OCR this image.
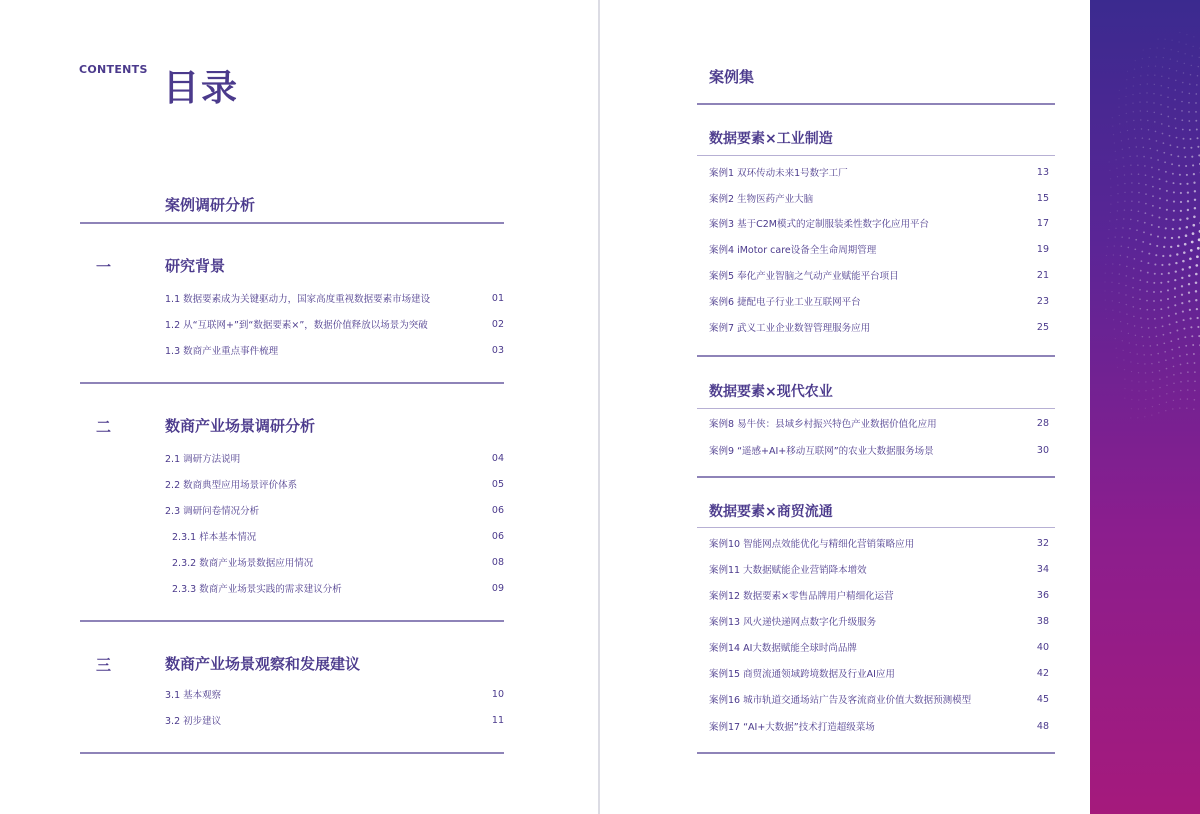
CONTENTS 目录
案例调研分析
一	研究背景
1.1 数据要素成为关键驱动力，国家高度重视数据要素市场建设	01
1.2 从“互联网+”到“数据要素×”，数据价值释放以场景为突破	02
1.3 数商产业重点事件梳理	03
二	数商产业场景调研分析
2.1 调研方法说明	04
2.2 数商典型应用场景评价体系	05
2.3 调研问卷情况分析	06
2.3.1 样本基本情况	06
2.3.2 数商产业场景数据应用情况	08
2.3.3 数商产业场景实践的需求建议分析	09
三	数商产业场景观察和发展建议
3.1 基本观察	10
3.2 初步建议	11
案例集
数据要素×工业制造
案例1 双环传动未来1号数字工厂	13
案例2 生物医药产业大脑	15
案例3 基于C2M模式的定制服装柔性数字化应用平台	17
案例4 iMotor care设备全生命周期管理	19
案例5 奉化产业智脑之气动产业赋能平台项目	21
案例6 捷配电子行业工业互联网平台	23
案例7 武义工业企业数智管理服务应用	25
数据要素×现代农业
案例8 易牛侠：县域乡村振兴特色产业数据价值化应用	28
案例9 “遥感+AI+移动互联网”的农业大数据服务场景	30
数据要素×商贸流通
案例10 智能网点效能优化与精细化营销策略应用	32
案例11 大数据赋能企业营销降本增效	34
案例12 数据要素×零售品牌用户精细化运营	36
案例13 风火递快递网点数字化升级服务	38
案例14 AI大数据赋能全球时尚品牌	40
案例15 商贸流通领域跨境数据及行业AI应用	42
案例16 城市轨道交通场站广告及客流商业价值大数据预测模型	45
案例17 “AI+大数据”技术打造超级菜场	48
